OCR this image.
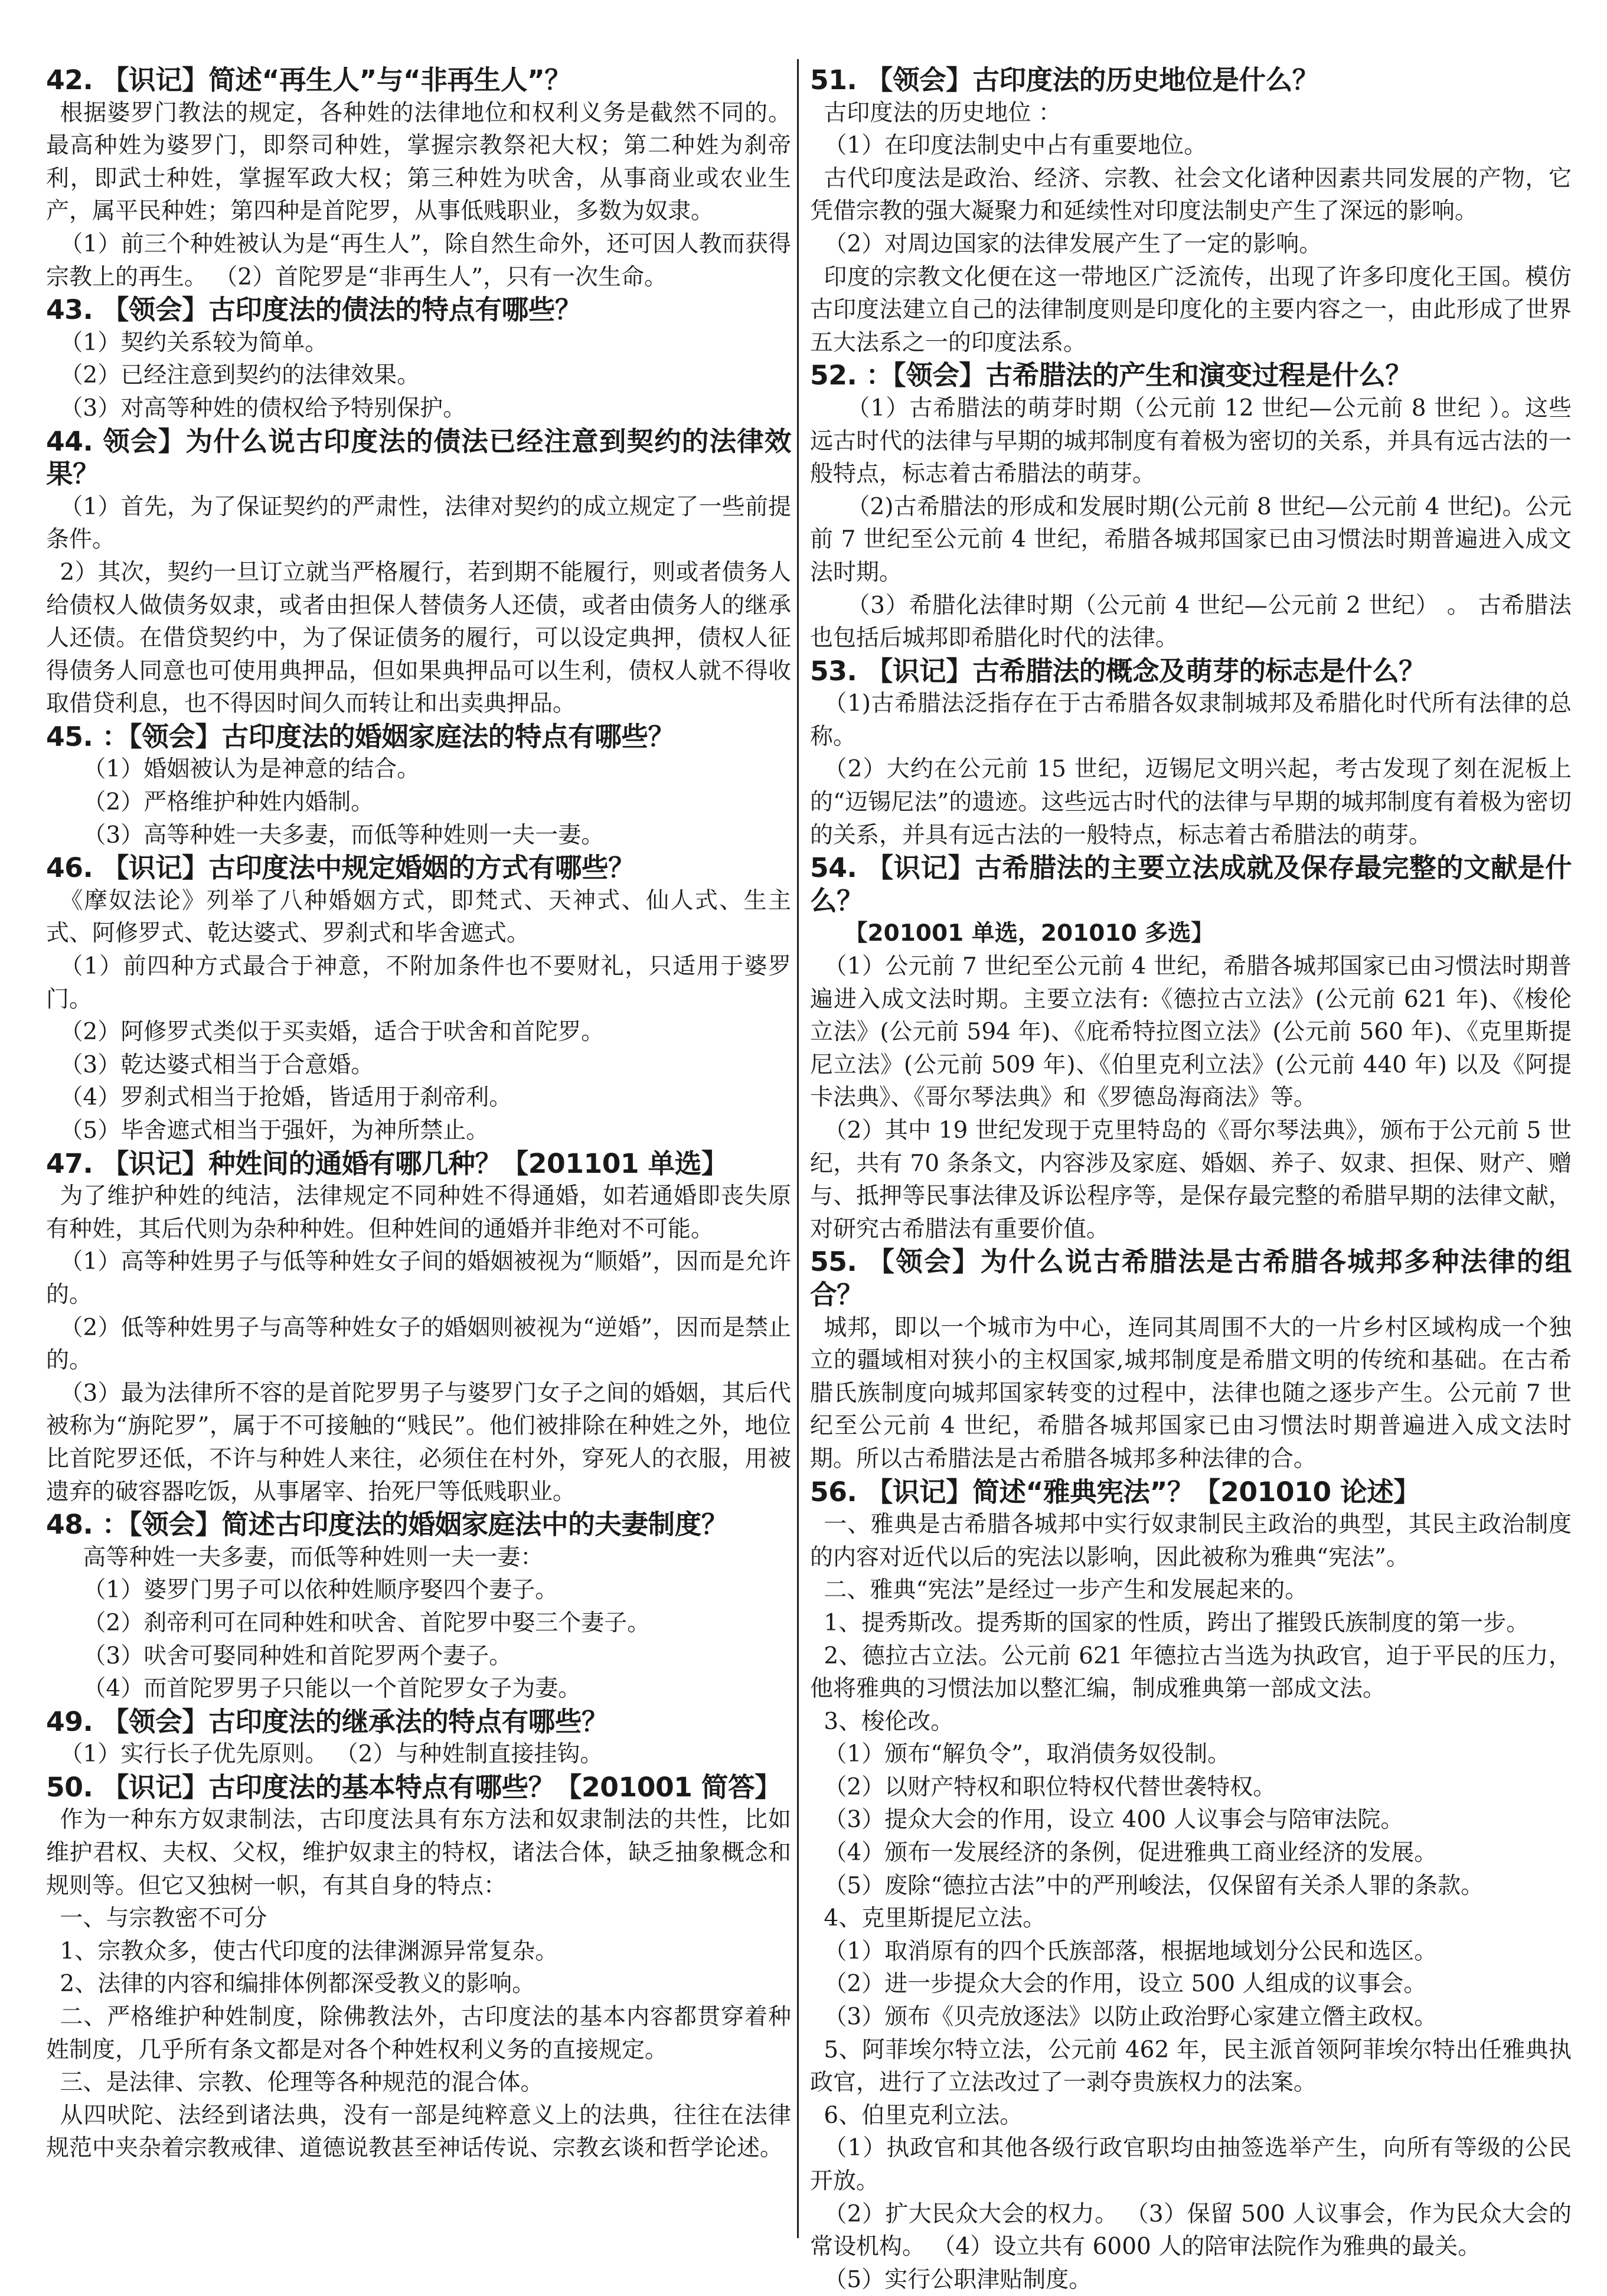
42. 【识记】简述“再生人”与“非再生人”？

根据婆罗门教法的规定，各种姓的法律地位和权利义务是截然不同的。最高种姓为婆罗门，即祭司种姓，掌握宗教祭祀大权；第二种姓为刹帝利，即武士种姓，掌握军政大权；第三种姓为吠舍，从事商业或农业生产，属平民种姓；第四种是首陀罗，从事低贱职业，多数为奴隶。

（1）前三个种姓被认为是“再生人”，除自然生命外，还可因人教而获得宗教上的再生。 （2）首陀罗是“非再生人”，只有一次生命。

43. 【领会】古印度法的债法的特点有哪些？

（1）契约关系较为简单。

（2）已经注意到契约的法律效果。

（3）对高等种姓的债权给予特别保护。

44. 领会】为什么说古印度法的债法已经注意到契约的法律效果？

（1）首先，为了保证契约的严肃性，法律对契约的成立规定了一些前提条件。

2）其次，契约一旦订立就当严格履行，若到期不能履行，则或者债务人给债权人做债务奴隶，或者由担保人替债务人还债，或者由债务人的继承人还债。在借贷契约中，为了保证债务的履行，可以设定典押，债权人征得债务人同意也可使用典押品，但如果典押品可以生利，债权人就不得收取借贷利息，也不得因时间久而转让和出卖典押品。

45. ：【领会】古印度法的婚姻家庭法的特点有哪些？

（1）婚姻被认为是神意的结合。

（2）严格维护种姓内婚制。

（3）高等种姓一夫多妻，而低等种姓则一夫一妻。

46. 【识记】古印度法中规定婚姻的方式有哪些？

《摩奴法论》列举了八种婚姻方式，即梵式、天神式、仙人式、生主式、阿修罗式、乾达婆式、罗刹式和毕舍遮式。

（1）前四种方式最合于神意，不附加条件也不要财礼，只适用于婆罗门。

（2）阿修罗式类似于买卖婚，适合于吠舍和首陀罗。

（3）乾达婆式相当于合意婚。

（4）罗刹式相当于抢婚，皆适用于刹帝利。

（5）毕舍遮式相当于强奸，为神所禁止。

47. 【识记】种姓间的通婚有哪几种？【201101 单选】

为了维护种姓的纯洁，法律规定不同种姓不得通婚，如若通婚即丧失原有种姓，其后代则为杂种种姓。但种姓间的通婚并非绝对不可能。

（1）高等种姓男子与低等种姓女子间的婚姻被视为“顺婚”，因而是允许的。

（2）低等种姓男子与高等种姓女子的婚姻则被视为“逆婚”，因而是禁止的。

（3）最为法律所不容的是首陀罗男子与婆罗门女子之间的婚姻，其后代被称为“旃陀罗”，属于不可接触的“贱民”。他们被排除在种姓之外，地位比首陀罗还低，不许与种姓人来往，必须住在村外，穿死人的衣服，用被遗弃的破容器吃饭，从事屠宰、抬死尸等低贱职业。

48. ：【领会】简述古印度法的婚姻家庭法中的夫妻制度？

高等种姓一夫多妻，而低等种姓则一夫一妻：

（1）婆罗门男子可以依种姓顺序娶四个妻子。

（2）刹帝利可在同种姓和吠舍、首陀罗中娶三个妻子。

（3）吠舍可娶同种姓和首陀罗两个妻子。

（4）而首陀罗男子只能以一个首陀罗女子为妻。

49. 【领会】古印度法的继承法的特点有哪些？

（1）实行长子优先原则。 （2）与种姓制直接挂钩。

50. 【识记】古印度法的基本特点有哪些？【201001 简答】

作为一种东方奴隶制法，古印度法具有东方法和奴隶制法的共性，比如维护君权、夫权、父权，维护奴隶主的特权，诸法合体，缺乏抽象概念和规则等。但它又独树一帜，有其自身的特点：

一、与宗教密不可分

1、宗教众多，使古代印度的法律渊源异常复杂。

2、法律的内容和编排体例都深受教义的影响。

二、严格维护种姓制度，除佛教法外，古印度法的基本内容都贯穿着种姓制度，几乎所有条文都是对各个种姓权利义务的直接规定。

三、是法律、宗教、伦理等各种规范的混合体。

从四吠陀、法经到诸法典，没有一部是纯粹意义上的法典，往往在法律规范中夹杂着宗教戒律、道德说教甚至神话传说、宗教玄谈和哲学论述。

51. 【领会】古印度法的历史地位是什么？

古印度法的历史地位 ：

（1）在印度法制史中占有重要地位。

古代印度法是政治、经济、宗教、社会文化诸种因素共同发展的产物，它凭借宗教的强大凝聚力和延续性对印度法制史产生了深远的影响。

（2）对周边国家的法律发展产生了一定的影响。

印度的宗教文化便在这一带地区广泛流传，出现了许多印度化王国。模仿古印度法建立自己的法律制度则是印度化的主要内容之一，由此形成了世界五大法系之一的印度法系。

52. ：【领会】古希腊法的产生和演变过程是什么？

（1）古希腊法的萌芽时期（公元前 12 世纪—公元前 8 世纪 ）。这些远古时代的法律与早期的城邦制度有着极为密切的关系，并具有远古法的一般特点，标志着古希腊法的萌芽。

（2)古希腊法的形成和发展时期(公元前 8 世纪—公元前 4 世纪)。公元前 7 世纪至公元前 4 世纪，希腊各城邦国家已由习惯法时期普遍进入成文法时期。

（3）希腊化法律时期（公元前 4 世纪—公元前 2 世纪） 。 古希腊法也包括后城邦即希腊化时代的法律。

53. 【识记】古希腊法的概念及萌芽的标志是什么？

（1)古希腊法泛指存在于古希腊各奴隶制城邦及希腊化时代所有法律的总称。

（2）大约在公元前 15 世纪，迈锡尼文明兴起，考古发现了刻在泥板上的“迈锡尼法”的遗迹。这些远古时代的法律与早期的城邦制度有着极为密切的关系，并具有远古法的一般特点，标志着古希腊法的萌芽。

54. 【识记】古希腊法的主要立法成就及保存最完整的文献是什么？

【201001 单选，201010 多选】

（1）公元前 7 世纪至公元前 4 世纪，希腊各城邦国家已由习惯法时期普遍进入成文法时期。主要立法有:《德拉古立法》(公元前 621 年)、《梭伦立法》(公元前 594 年)、《庇希特拉图立法》(公元前 560 年)、《克里斯提尼立法》(公元前 509 年)、《伯里克利立法》(公元前 440 年) 以及《阿提卡法典》、《哥尔琴法典》和《罗德岛海商法》等。

（2）其中 19 世纪发现于克里特岛的《哥尔琴法典》，颁布于公元前 5 世纪，共有 70 条条文，内容涉及家庭、婚姻、养子、奴隶、担保、财产、赠与、抵押等民事法律及诉讼程序等，是保存最完整的希腊早期的法律文献，对研究古希腊法有重要价值。

55. 【领会】为什么说古希腊法是古希腊各城邦多种法律的组合？

城邦，即以一个城市为中心，连同其周围不大的一片乡村区域构成一个独立的疆域相对狭小的主权国家,城邦制度是希腊文明的传统和基础。在古希腊氏族制度向城邦国家转变的过程中，法律也随之逐步产生。公元前 7 世纪至公元前 4 世纪，希腊各城邦国家已由习惯法时期普遍进入成文法时期。所以古希腊法是古希腊各城邦多种法律的合。

56. 【识记】简述“雅典宪法”？【201010 论述】

一、雅典是古希腊各城邦中实行奴隶制民主政治的典型，其民主政治制度的内容对近代以后的宪法以影响，因此被称为雅典“宪法”。

二、雅典“宪法”是经过一步产生和发展起来的。

1、提秀斯改。提秀斯的国家的性质，跨出了摧毁氏族制度的第一步。

2、德拉古立法。公元前 621 年德拉古当选为执政官，迫于平民的压力，他将雅典的习惯法加以整汇编，制成雅典第一部成文法。

3、梭伦改。

（1）颁布“解负令”，取消债务奴役制。

（2）以财产特权和职位特权代替世袭特权。

（3）提众大会的作用，设立 400 人议事会与陪审法院。

（4）颁布一发展经济的条例，促进雅典工商业经济的发展。

（5）废除“德拉古法”中的严刑峻法，仅保留有关杀人罪的条款。

4、克里斯提尼立法。

（1）取消原有的四个氏族部落，根据地域划分公民和选区。

（2）进一步提众大会的作用，设立 500 人组成的议事会。

（3）颁布《贝壳放逐法》以防止政治野心家建立僭主政权。

5、阿菲埃尔特立法，公元前 462 年，民主派首领阿菲埃尔特出任雅典执政官，进行了立法改过了一剥夺贵族权力的法案。

6、伯里克利立法。

（1）执政官和其他各级行政官职均由抽签选举产生，向所有等级的公民开放。

（2）扩大民众大会的权力。 （3）保留 500 人议事会，作为民众大会的常设机构。 （4）设立共有 6000 人的陪审法院作为雅典的最关。

（5）实行公职津贴制度。
